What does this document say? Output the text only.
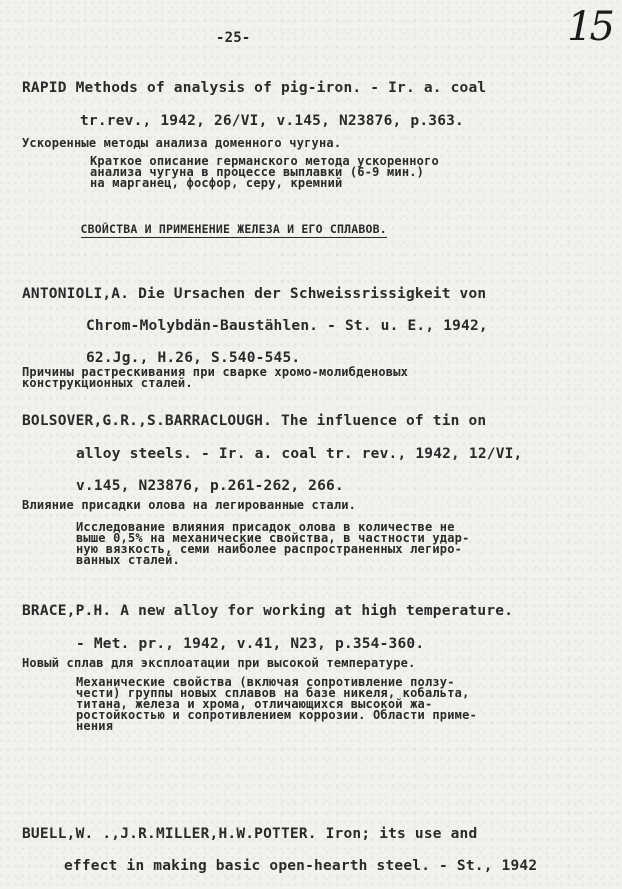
-25-	15
RAPID Methods of analysis of pig-iron. - Ir. a. coal
tr.rev., 1942, 26/VI, v.145, N23876, p.363.
Ускоренные методы анализа доменного чугуна.
Краткое описание германского метода ускоренного
анализа чугуна в процессе выплавки (6-9 мин.)
на марганец, фосфор, серу, кремний

СВОЙСТВА И ПРИМЕНЕНИЕ ЖЕЛЕЗА И ЕГО СПЛАВОВ.

ANTONIOLI,A. Die Ursachen der Schweissrissigkeit von
Chrom-Molybdän-Baustählen. - St. u. E., 1942,
62.Jg., H.26, S.540-545.
Причины растрескивания при сварке хромо-молибденовых
конструкционных сталей.
BOLSOVER,G.R.,S.BARRACLOUGH. The influence of tin on
alloy steels. - Ir. a. coal tr. rev., 1942, 12/VI,
v.145, N23876, p.261-262, 266.
Влияние присадки олова на легированные стали.
Исследование влияния присадок олова в количестве не
выше 0,5% на механические свойства, в частности удар-
ную вязкость, семи наиболее распространенных легиро-
ванных сталей.
BRACE,P.H. A new alloy for working at high temperature.
- Met. pr., 1942, v.41, N23, p.354-360.
Новый сплав для эксплоатации при высокой температуре.
Механические свойства (включая сопротивление ползу-
чести) группы новых сплавов на базе никеля, кобальта,
титана, железа и хрома, отличающихся высокой жа-
ростойкостью и сопротивлением коррозии. Области приме-
нения
BUELL,W. .,J.R.MILLER,H.W.POTTER. Iron; its use and
effect in making basic open-hearth steel. - St., 1942
